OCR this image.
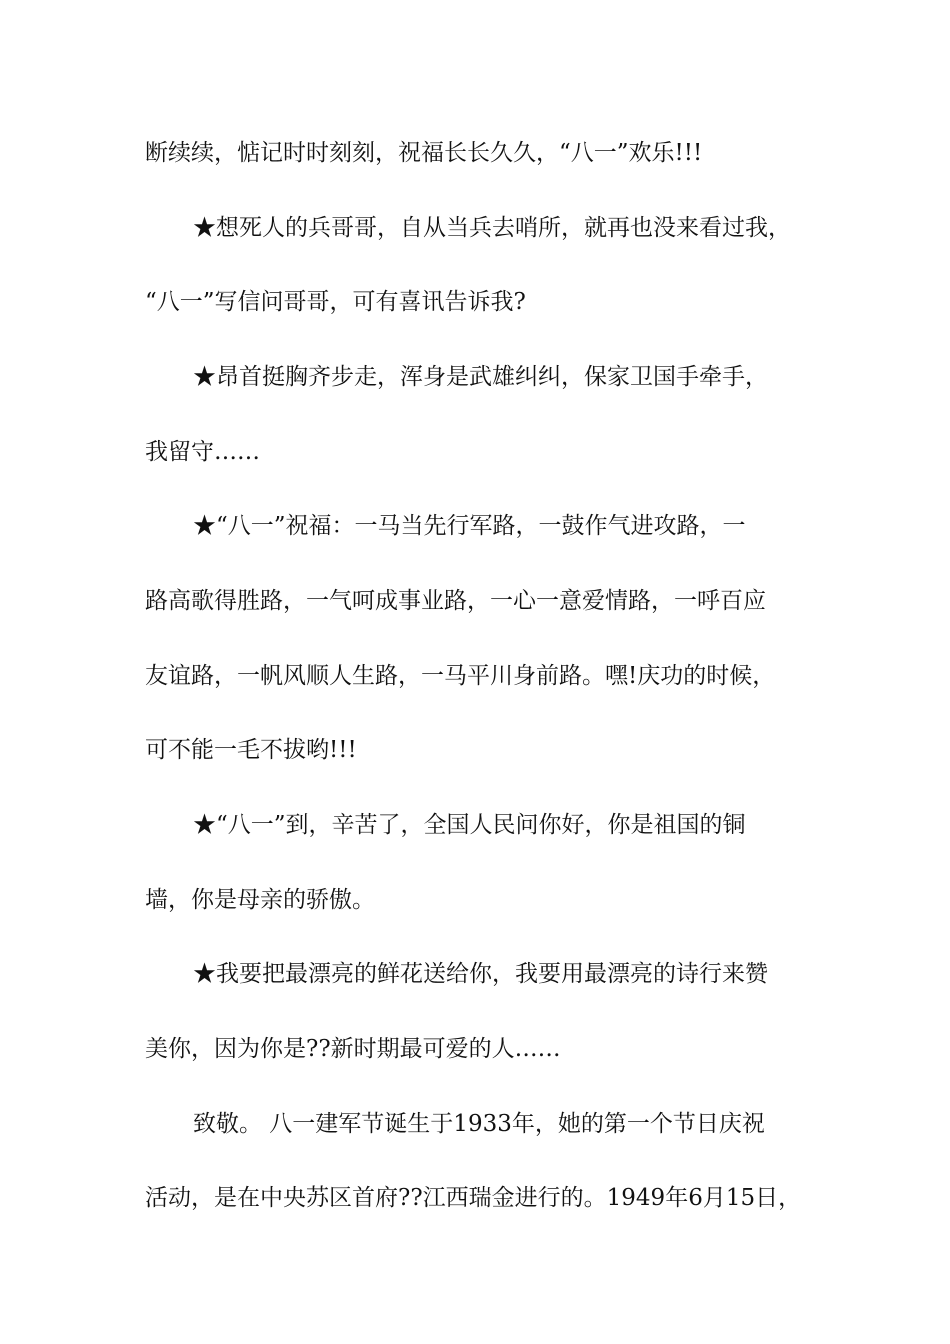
断续续，惦记时时刻刻，祝福长长久久，“八一”欢乐!!!
★想死人的兵哥哥，自从当兵去哨所，就再也没来看过我，
“八一”写信问哥哥，可有喜讯告诉我?
★昂首挺胸齐步走，浑身是武雄纠纠，保家卫国手牵手，
我留守……
★“八一”祝福：一马当先行军路，一鼓作气进攻路，一
路高歌得胜路，一气呵成事业路，一心一意爱情路，一呼百应
友谊路，一帆风顺人生路，一马平川身前路。嘿!庆功的时候，
可不能一毛不拔哟!!!
★“八一”到，辛苦了，全国人民问你好，你是祖国的铜
墙，你是母亲的骄傲。
★我要把最漂亮的鲜花送给你，我要用最漂亮的诗行来赞
美你，因为你是??新时期最可爱的人……
致敬。 八一建军节诞生于1933年，她的第一个节日庆祝
活动，是在中央苏区首府??江西瑞金进行的。1949年6月15日，
